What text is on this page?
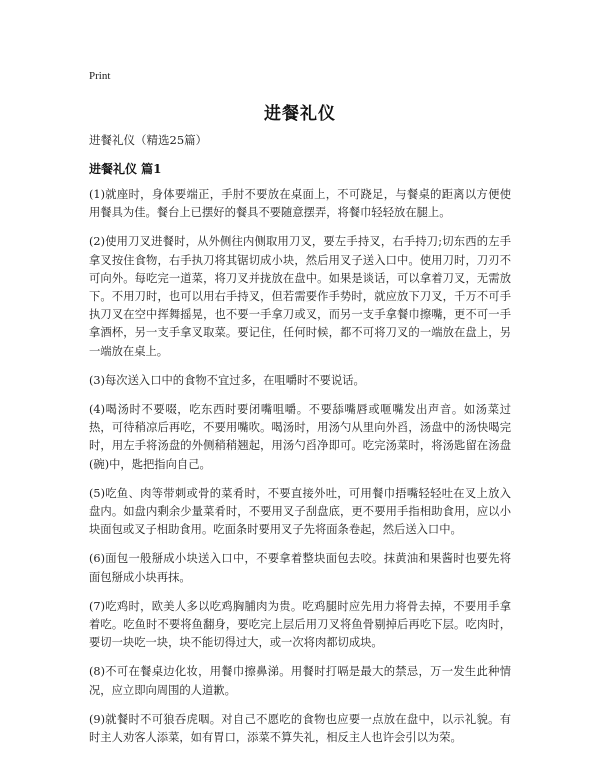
Print
进餐礼仪
进餐礼仪（精选25篇）
进餐礼仪 篇1

(1)就座时，身体要端正，手肘不要放在桌面上，不可跷足，与餐桌的距离以方便使用餐具为佳。餐台上已摆好的餐具不要随意摆弄，将餐巾轻轻放在腿上。

(2)使用刀叉进餐时，从外侧往内侧取用刀叉，要左手持叉，右手持刀;切东西的左手拿叉按住食物，右手执刀将其锯切成小块，然后用叉子送入口中。使用刀时，刀刃不可向外。每吃完一道菜，将刀叉并拢放在盘中。如果是谈话，可以拿着刀叉，无需放下。不用刀时，也可以用右手持叉，但若需要作手势时，就应放下刀叉，千万不可手执刀叉在空中挥舞摇晃，也不要一手拿刀或叉，而另一支手拿餐巾擦嘴，更不可一手拿酒杯，另一支手拿叉取菜。要记住，任何时候，都不可将刀叉的一端放在盘上，另一端放在桌上。

(3)每次送入口中的食物不宜过多，在咀嚼时不要说话。

(4)喝汤时不要啜，吃东西时要闭嘴咀嚼。不要舔嘴唇或咂嘴发出声音。如汤菜过热，可待稍凉后再吃，不要用嘴吹。喝汤时，用汤勺从里向外舀，汤盘中的汤快喝完时，用左手将汤盘的外侧稍稍翘起，用汤勺舀净即可。吃完汤菜时，将汤匙留在汤盘(碗)中，匙把指向自己。

(5)吃鱼、肉等带刺或骨的菜肴时，不要直接外吐，可用餐巾捂嘴轻轻吐在叉上放入盘内。如盘内剩余少量菜肴时，不要用叉子刮盘底，更不要用手指相助食用，应以小块面包或叉子相助食用。吃面条时要用叉子先将面条卷起，然后送入口中。

(6)面包一般掰成小块送入口中，不要拿着整块面包去咬。抹黄油和果酱时也要先将面包掰成小块再抹。

(7)吃鸡时，欧美人多以吃鸡胸脯肉为贵。吃鸡腿时应先用力将骨去掉，不要用手拿着吃。吃鱼时不要将鱼翻身，要吃完上层后用刀叉将鱼骨剔掉后再吃下层。吃肉时，要切一块吃一块，块不能切得过大，或一次将肉都切成块。

(8)不可在餐桌边化妆，用餐巾擦鼻涕。用餐时打嗝是最大的禁忌，万一发生此种情况，应立即向周围的人道歉。

(9)就餐时不可狼吞虎咽。对自己不愿吃的食物也应要一点放在盘中，以示礼貌。有时主人劝客人添菜，如有胃口，添菜不算失礼，相反主人也许会引以为荣。
